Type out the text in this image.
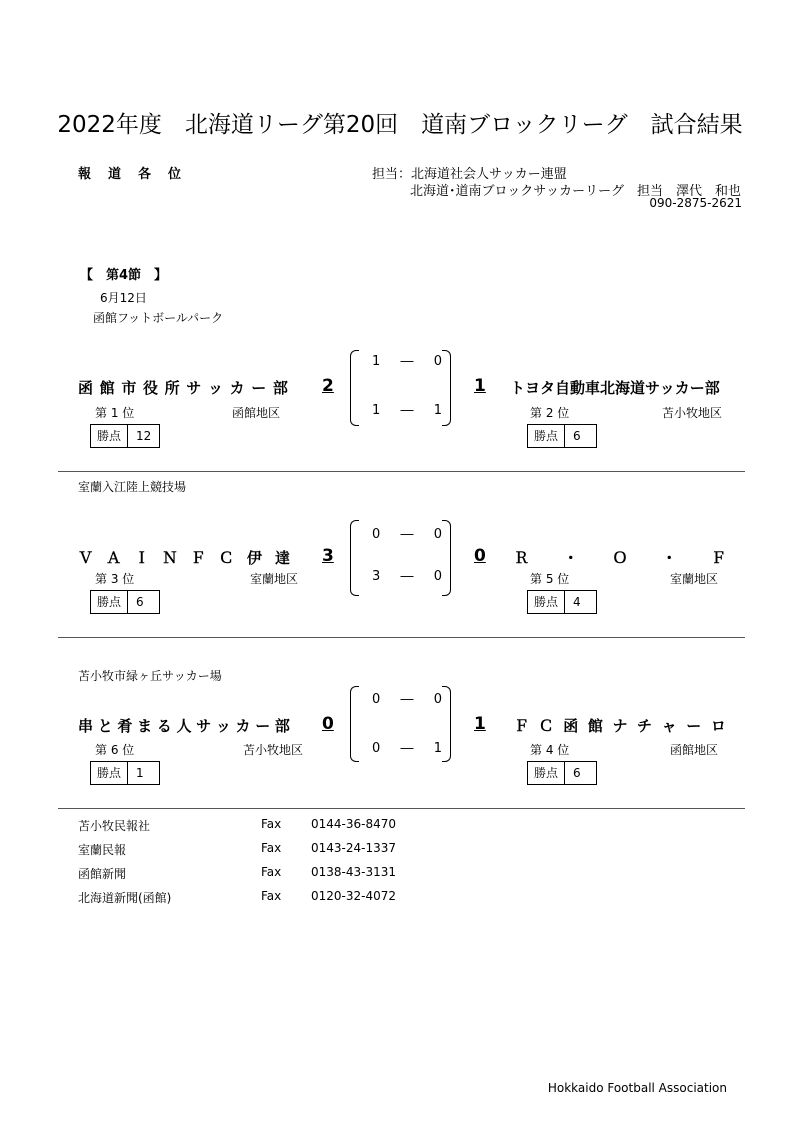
2022年度　北海道リーグ第20回　道南ブロックリーグ　試合結果
報　道　各　位	担当：北海道社会人サッカー連盟
北海道･道南ブロックサッカーリーグ　担当　澤代　和也
090-2875-2621
【　第4節　】
6月12日
函館フットボールパーク
函 館 市 役 所 サ ッ カ ー 部 2
1 ― 0
1 ― 1
1 トヨタ自動車北海道サッカー部
第 1 位	函館地区	第 2 位	苫小牧地区
勝点	12	勝点	6
室蘭入江陸上競技場
Ｖ Ａ Ｉ Ｎ Ｆ Ｃ 伊 達 3
0 ― 0
3 ― 0
0 Ｒ ・ Ｏ ・ Ｆ
第 3 位	室蘭地区	第 5 位	室蘭地区
勝点	6	勝点	4
苫小牧市緑ヶ丘サッカー場
串 と 肴 ま る 人 サ ッ カ ー 部 0
0 ― 0
0 ― 1
1 Ｆ Ｃ 函 館 ナ チ ャ ー ロ
第 6 位	苫小牧地区	第 4 位	函館地区
勝点	1	勝点	6
苫小牧民報社	Fax 0144-36-8470
室蘭民報	Fax 0143-24-1337
函館新聞	Fax 0138-43-3131
北海道新聞(函館)	Fax 0120-32-4072
Hokkaido Football Association
